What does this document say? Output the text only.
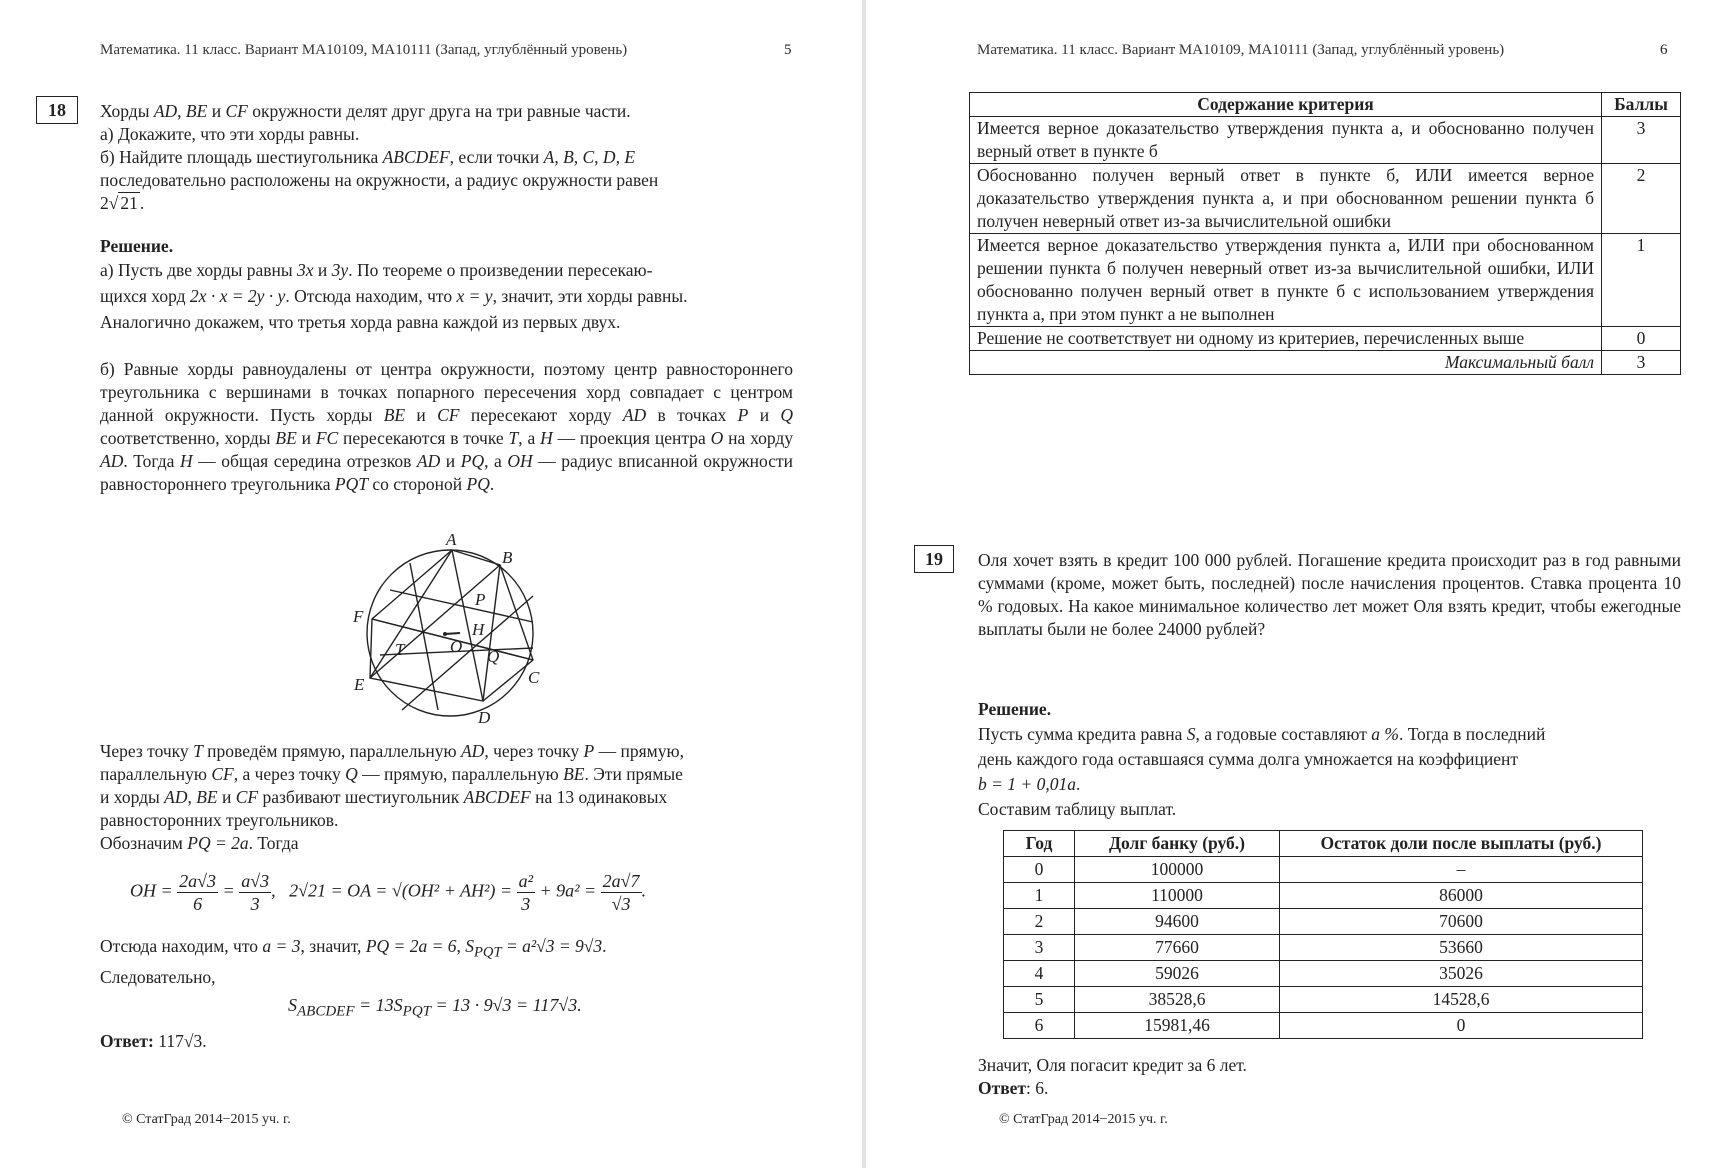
Математика. 11 класс. Вариант МА10109, МА10111 (Запад, углублённый уровень)	5
18	Хорды AD, BE и CF окружности делят друг друга на три равные части.

а) Докажите, что эти хорды равны.

б) Найдите площадь шестиугольника ABCDEF, если точки A, B, C, D, E

последовательно расположены на окружности, а радиус окружности равен

2√ 21 .

Решение.

а) Пусть две хорды равны 3x и 3y. По теореме о произведении пересекаю-

щихся хорд 2x · x = 2y · y. Отсюда находим, что x = y, значит, эти хорды равны.

Аналогично докажем, что третья хорда равна каждой из первых двух.

б) Равные хорды равноудалены от центра окружности, поэтому центр равностороннего треугольника с вершинами в точках попарного пересечения хорд совпадает с центром данной окружности. Пусть хорды BE и CF пересекают хорду AD в точках P и Q соответственно, хорды BE и FC пересекаются в точке T, а H — проекция центра O на хорду AD. Тогда H — общая середина отрезков AD и PQ, а OH — радиус вписанной окружности равностороннего треугольника PQT со стороной PQ.

A
B
C
D
E
F
P
H
O
T	Q

Через точку T проведём прямую, параллельную AD, через точку P — прямую,

параллельную CF, а через точку Q — прямую, параллельную BE. Эти прямые

и хорды AD, BE и CF разбивают шестиугольник ABCDEF на 13 одинаковых

равносторонних треугольников.

Обозначим PQ = 2a. Тогда

OH = $\frac{2a√3}{6} = \frac{a√3}{3}$ , 2√21 = OA = $√(OH^2 + AH^2) = \frac{\text{a²}}{3} + 9a^2 = \frac{2a√7}{√3}$ .
Отсюда находим, что a = 3, значит, PQ = 2a = 6, $S_{PQT} = a^2√3 = 9√3$.
Следовательно,
$S_{ABCDEF} = 13S_{PQT} = 13 \cdot 9√3 = 117√3$.
Ответ: 117√3.
© СтатГрад 2014−2015 уч. г.
Математика. 11 класс. Вариант МА10109, МА10111 (Запад, углублённый уровень)	6
Содержание критерия	Баллы
Имеется верное доказательство утверждения пункта а, и обоснованно получен верный ответ в пункте б	3
Обоснованно получен верный ответ в пункте б, ИЛИ имеется верное доказательство утверждения пункта а, и при обоснованном решении пункта б получен неверный ответ из-за вычислительной ошибки	2
Имеется верное доказательство утверждения пункта а, ИЛИ при обоснованном решении пункта б получен неверный ответ из-за вычислительной ошибки, ИЛИ обоснованно получен верный ответ в пункте б с использованием утверждения пункта а, при этом пункт а не выполнен	1
Решение не соответствует ни одному из критериев, перечисленных выше	0
Максимальный балл	3
19	Оля хочет взять в кредит 100 000 рублей. Погашение кредита происходит раз в год равными суммами (кроме, может быть, последней) после начисления процентов. Ставка процента 10 % годовых. На какое минимальное количество лет может Оля взять кредит, чтобы ежегодные выплаты были не более 24000 рублей?
Решение.

Пусть сумма кредита равна S, а годовые составляют a %. Тогда в последний

день каждого года оставшаяся сумма долга умножается на коэффициент

b = 1 + 0,01a.

Составим таблицу выплат.

Год	Долг банку (руб.)	Остаток доли после выплаты (руб.)
0	100000	–
1	110000	86000
2	94600	70600
3	77660	53660
4	59026	35026
5	38528,6	14528,6
6	15981,46	0
Значит, Оля погасит кредит за 6 лет.
Ответ: 6.
© СтатГрад 2014−2015 уч. г.
